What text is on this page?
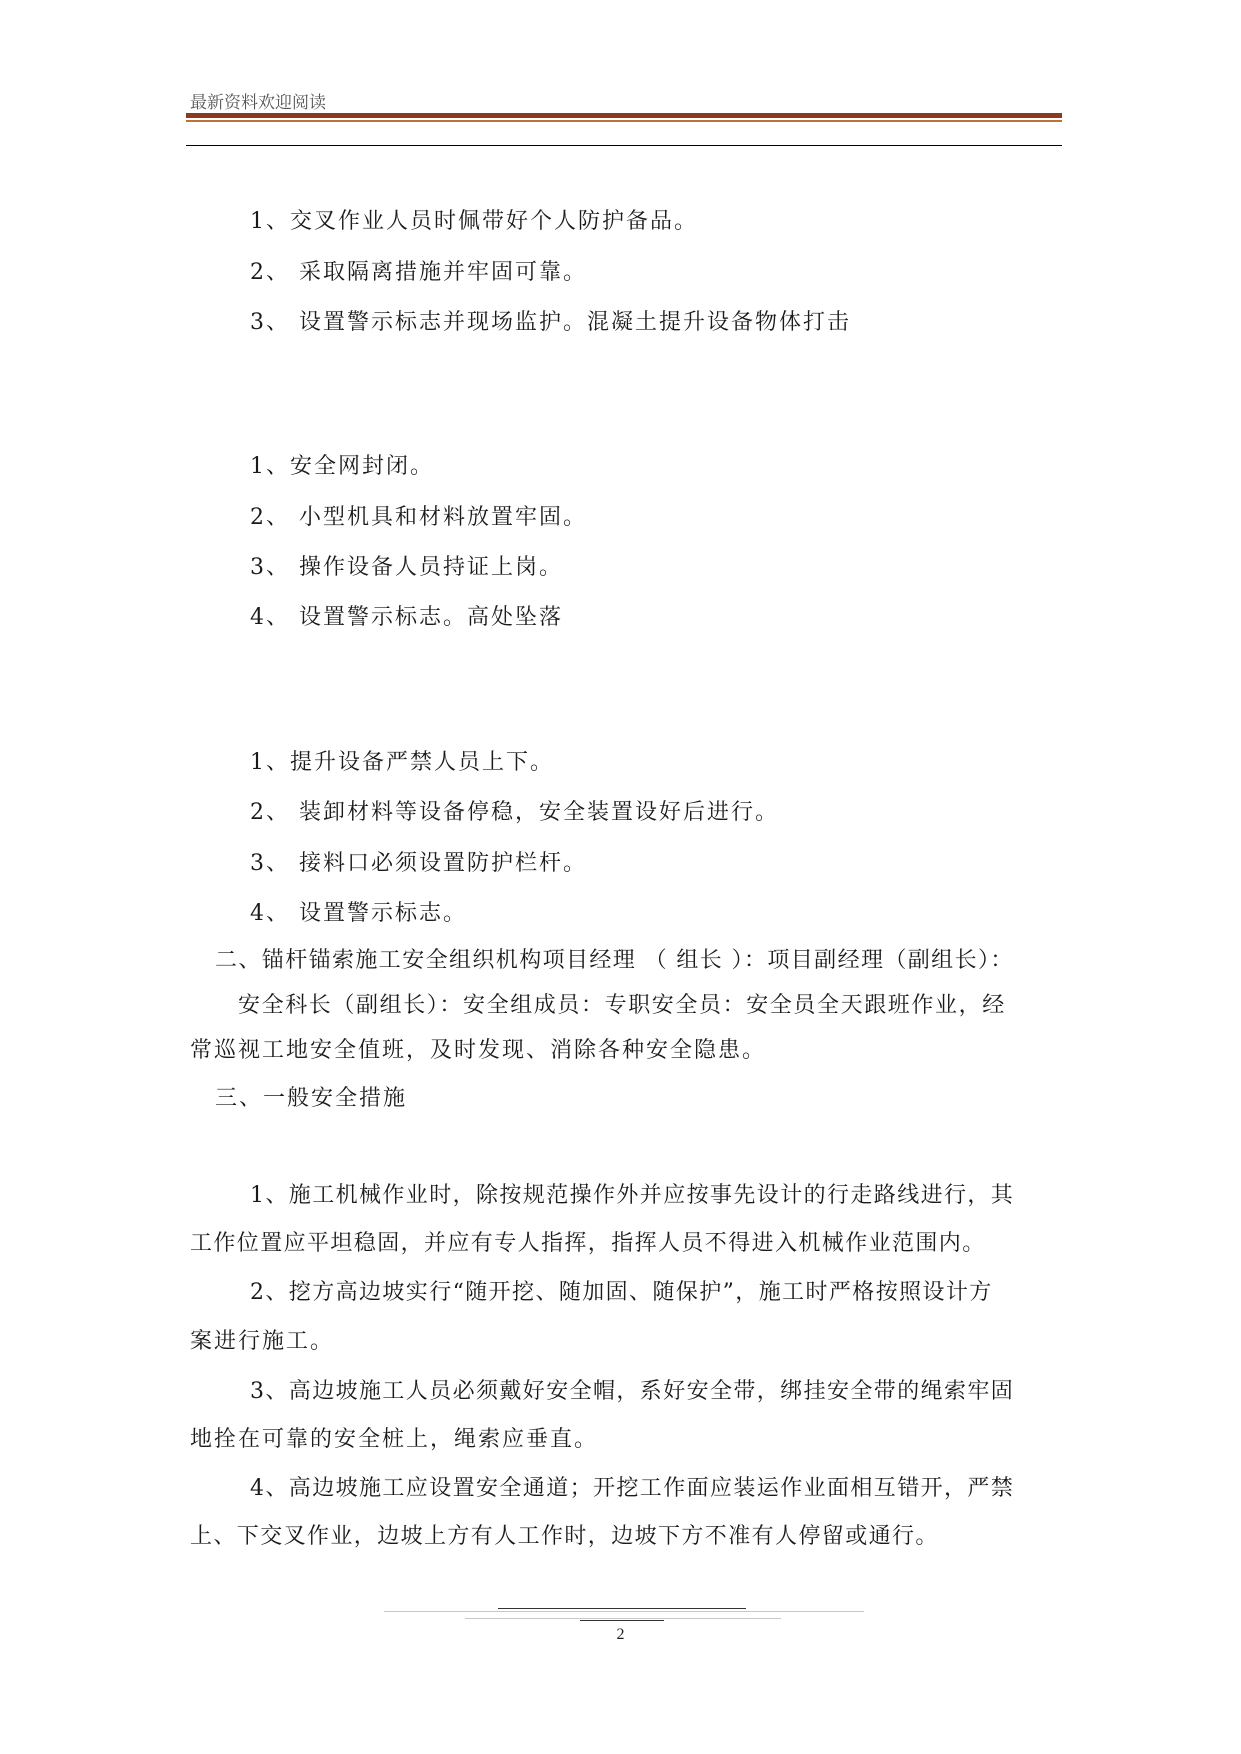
最新资料欢迎阅读
1、交叉作业人员时佩带好个人防护备品。
2、 采取隔离措施并牢固可靠。
3、 设置警示标志并现场监护。混凝土提升设备物体打击
1、安全网封闭。
2、 小型机具和材料放置牢固。
3、 操作设备人员持证上岗。
4、 设置警示标志。高处坠落
1、提升设备严禁人员上下。
2、 装卸材料等设备停稳，安全装置设好后进行。
3、 接料口必须设置防护栏杆。
4、 设置警示标志。
二、锚杆锚索施工安全组织机构项目经理 （ 组长 ）：项目副经理（副组长）：
安全科长（副组长）：安全组成员：专职安全员：安全员全天跟班作业，经
常巡视工地安全值班，及时发现、消除各种安全隐患。
三、一般安全措施
1、施工机械作业时，除按规范操作外并应按事先设计的行走路线进行，其
工作位置应平坦稳固，并应有专人指挥，指挥人员不得进入机械作业范围内。
2、挖方高边坡实行“随开挖、随加固、随保护”，施工时严格按照设计方
案进行施工。
3、高边坡施工人员必须戴好安全帽，系好安全带，绑挂安全带的绳索牢固
地拴在可靠的安全桩上，绳索应垂直。
4、高边坡施工应设置安全通道；开挖工作面应装运作业面相互错开，严禁
上、下交叉作业，边坡上方有人工作时，边坡下方不准有人停留或通行。
2
